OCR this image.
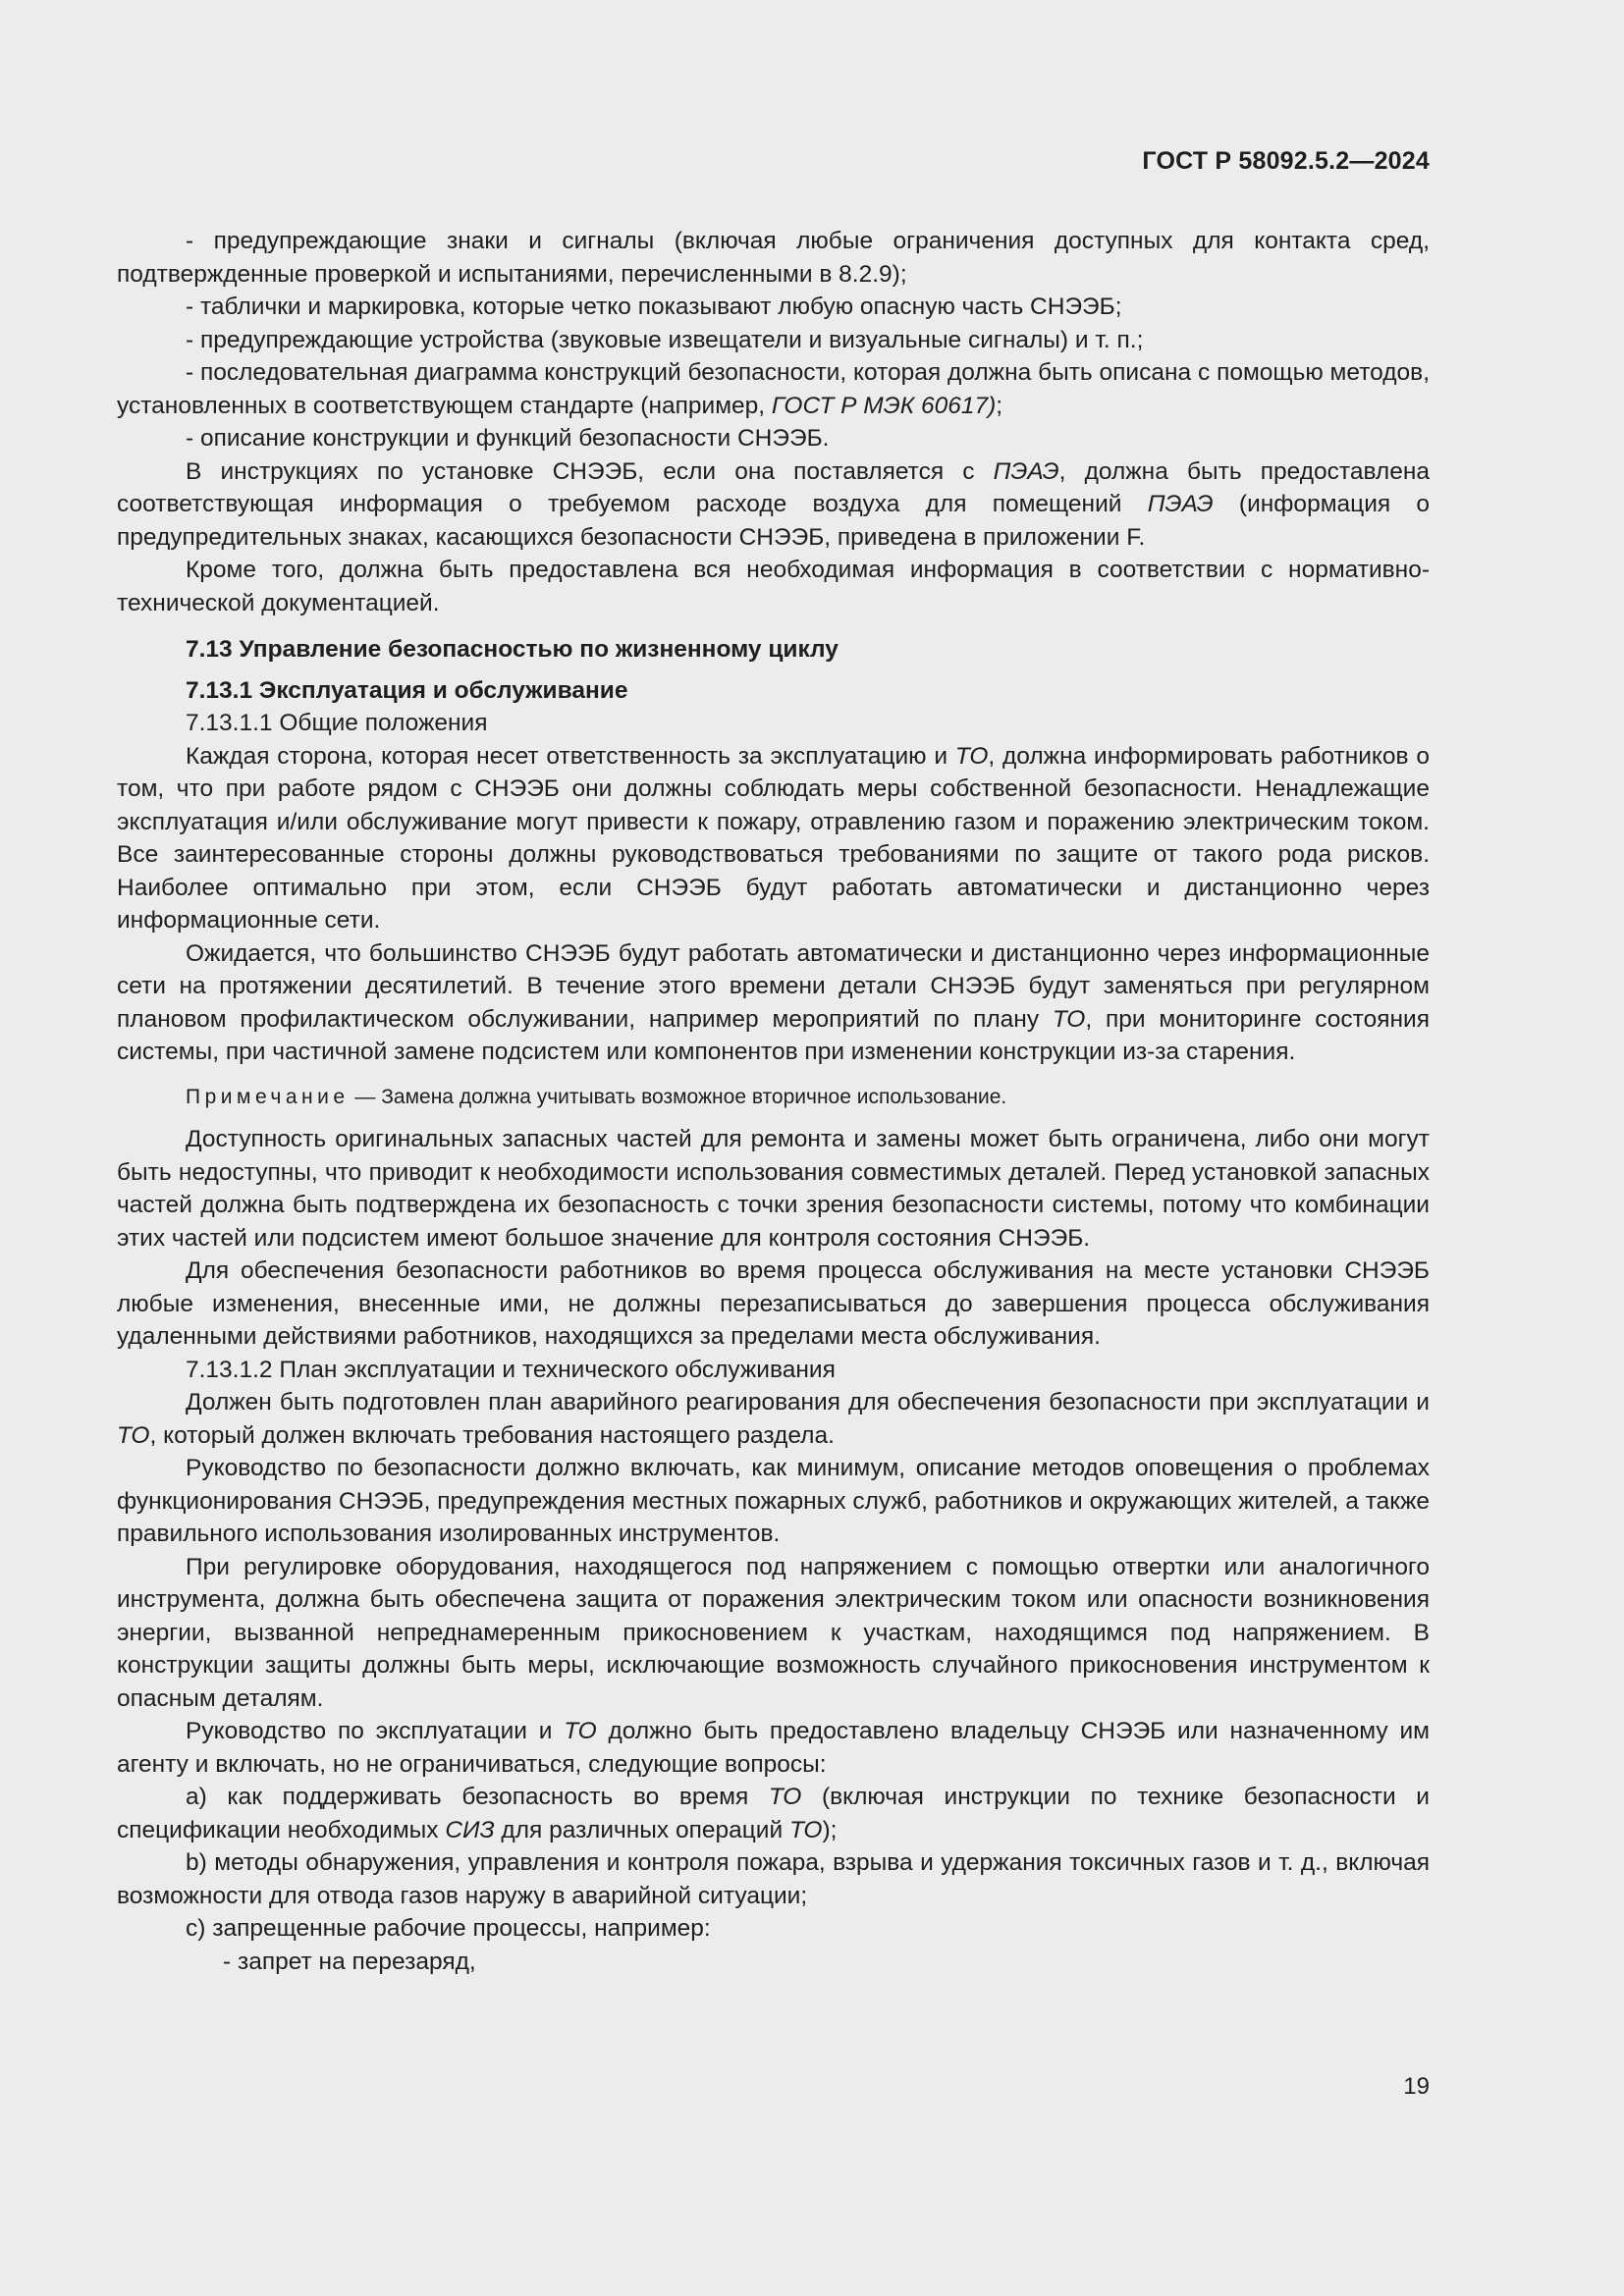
ГОСТ Р 58092.5.2—2024

- предупреждающие знаки и сигналы (включая любые ограничения доступных для контакта сред, подтвержденные проверкой и испытаниями, перечисленными в 8.2.9);

- таблички и маркировка, которые четко показывают любую опасную часть СНЭЭБ;

- предупреждающие устройства (звуковые извещатели и визуальные сигналы) и т. п.;

- последовательная диаграмма конструкций безопасности, которая должна быть описана с помощью методов, установленных в соответствующем стандарте (например, ГОСТ Р МЭК 60617);

- описание конструкции и функций безопасности СНЭЭБ.

В инструкциях по установке СНЭЭБ, если она поставляется с ПЭАЭ, должна быть предоставлена соответствующая информация о требуемом расходе воздуха для помещений ПЭАЭ (информация о предупредительных знаках, касающихся безопасности СНЭЭБ, приведена в приложении F.

Кроме того, должна быть предоставлена вся необходимая информация в соответствии с нормативно-технической документацией.

7.13 Управление безопасностью по жизненному циклу

7.13.1 Эксплуатация и обслуживание

7.13.1.1 Общие положения

Каждая сторона, которая несет ответственность за эксплуатацию и ТО, должна информировать работников о том, что при работе рядом с СНЭЭБ они должны соблюдать меры собственной безопасности. Ненадлежащие эксплуатация и/или обслуживание могут привести к пожару, отравлению газом и поражению электрическим током. Все заинтересованные стороны должны руководствоваться требованиями по защите от такого рода рисков. Наиболее оптимально при этом, если СНЭЭБ будут работать автоматически и дистанционно через информационные сети.

Ожидается, что большинство СНЭЭБ будут работать автоматически и дистанционно через информационные сети на протяжении десятилетий. В течение этого времени детали СНЭЭБ будут заменяться при регулярном плановом профилактическом обслуживании, например мероприятий по плану ТО, при мониторинге состояния системы, при частичной замене подсистем или компонентов при изменении конструкции из-за старения.

Примечание — Замена должна учитывать возможное вторичное использование.

Доступность оригинальных запасных частей для ремонта и замены может быть ограничена, либо они могут быть недоступны, что приводит к необходимости использования совместимых деталей. Перед установкой запасных частей должна быть подтверждена их безопасность с точки зрения безопасности системы, потому что комбинации этих частей или подсистем имеют большое значение для контроля состояния СНЭЭБ.

Для обеспечения безопасности работников во время процесса обслуживания на месте установки СНЭЭБ любые изменения, внесенные ими, не должны перезаписываться до завершения процесса обслуживания удаленными действиями работников, находящихся за пределами места обслуживания.

7.13.1.2 План эксплуатации и технического обслуживания

Должен быть подготовлен план аварийного реагирования для обеспечения безопасности при эксплуатации и ТО, который должен включать требования настоящего раздела.

Руководство по безопасности должно включать, как минимум, описание методов оповещения о проблемах функционирования СНЭЭБ, предупреждения местных пожарных служб, работников и окружающих жителей, а также правильного использования изолированных инструментов.

При регулировке оборудования, находящегося под напряжением с помощью отвертки или аналогичного инструмента, должна быть обеспечена защита от поражения электрическим током или опасности возникновения энергии, вызванной непреднамеренным прикосновением к участкам, находящимся под напряжением. В конструкции защиты должны быть меры, исключающие возможность случайного прикосновения инструментом к опасным деталям.

Руководство по эксплуатации и ТО должно быть предоставлено владельцу СНЭЭБ или назначенному им агенту и включать, но не ограничиваться, следующие вопросы:

a) как поддерживать безопасность во время ТО (включая инструкции по технике безопасности и спецификации необходимых СИЗ для различных операций ТО);

b) методы обнаружения, управления и контроля пожара, взрыва и удержания токсичных газов и т. д., включая возможности для отвода газов наружу в аварийной ситуации;

c) запрещенные рабочие процессы, например:

- запрет на перезаряд,

19
